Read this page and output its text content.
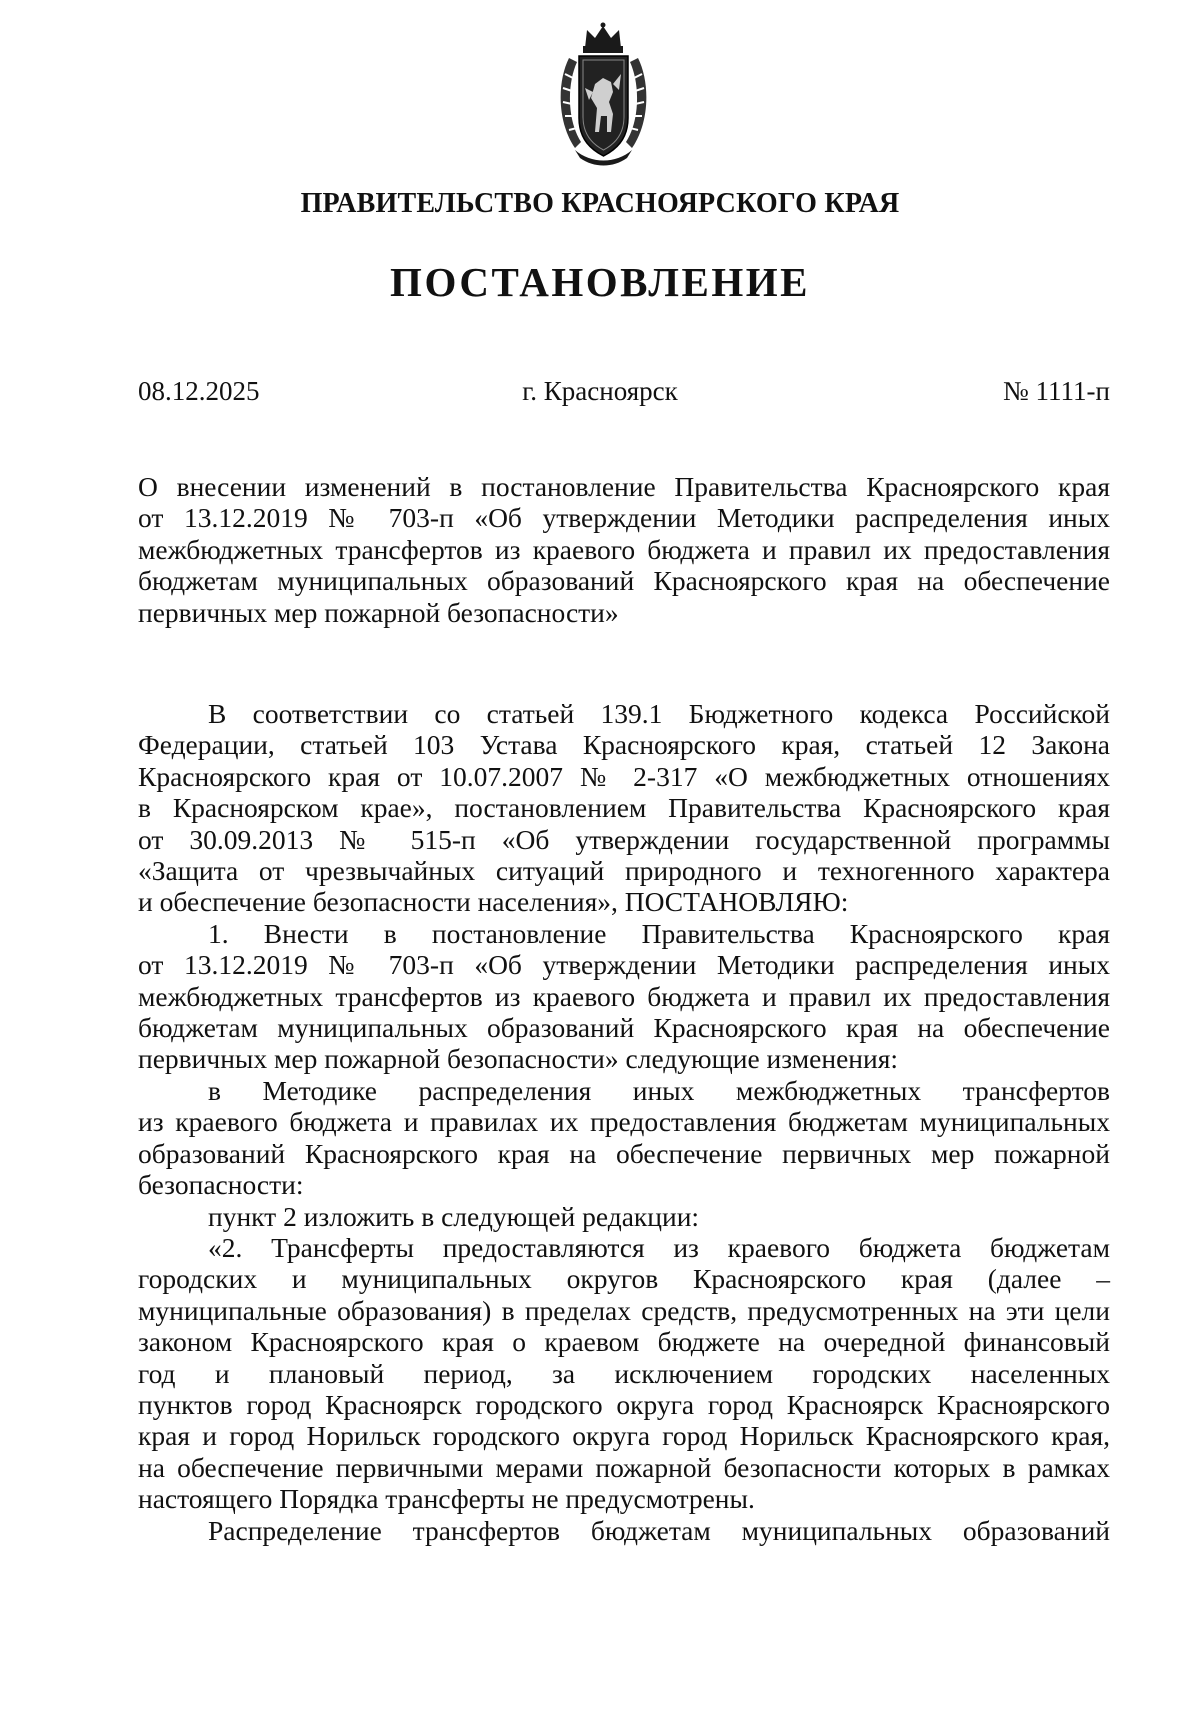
ПРАВИТЕЛЬСТВО КРАСНОЯРСКОГО КРАЯ
ПОСТАНОВЛЕНИЕ
08.12.2025	г. Красноярск	№ 1111-п

О внесении изменений в постановление Правительства Красноярского края

от 13.12.2019 № 703-п «Об утверждении Методики распределения иных

межбюджетных трансфертов из краевого бюджета и правил их предоставления

бюджетам муниципальных образований Красноярского края на обеспечение

первичных мер пожарной безопасности»

В соответствии со статьей 139.1 Бюджетного кодекса Российской

Федерации, статьей 103 Устава Красноярского края, статьей 12 Закона

Красноярского края от 10.07.2007 № 2-317 «О межбюджетных отношениях

в Красноярском крае», постановлением Правительства Красноярского края

от 30.09.2013 № 515-п «Об утверждении государственной программы

«Защита от чрезвычайных ситуаций природного и техногенного характера

и обеспечение безопасности населения», ПОСТАНОВЛЯЮ:

1. Внести в постановление Правительства Красноярского края

от 13.12.2019 № 703-п «Об утверждении Методики распределения иных

межбюджетных трансфертов из краевого бюджета и правил их предоставления

бюджетам муниципальных образований Красноярского края на обеспечение

первичных мер пожарной безопасности» следующие изменения:

в Методике распределения иных межбюджетных трансфертов

из краевого бюджета и правилах их предоставления бюджетам муниципальных

образований Красноярского края на обеспечение первичных мер пожарной

безопасности:

пункт 2 изложить в следующей редакции:

«2. Трансферты предоставляются из краевого бюджета бюджетам

городских и муниципальных округов Красноярского края (далее –

муниципальные образования) в пределах средств, предусмотренных на эти цели

законом Красноярского края о краевом бюджете на очередной финансовый

год и плановый период, за исключением городских населенных

пунктов город Красноярск городского округа город Красноярск Красноярского

края и город Норильск городского округа город Норильск Красноярского края,

на обеспечение первичными мерами пожарной безопасности которых в рамках

настоящего Порядка трансферты не предусмотрены.

Распределение трансфертов бюджетам муниципальных образований
